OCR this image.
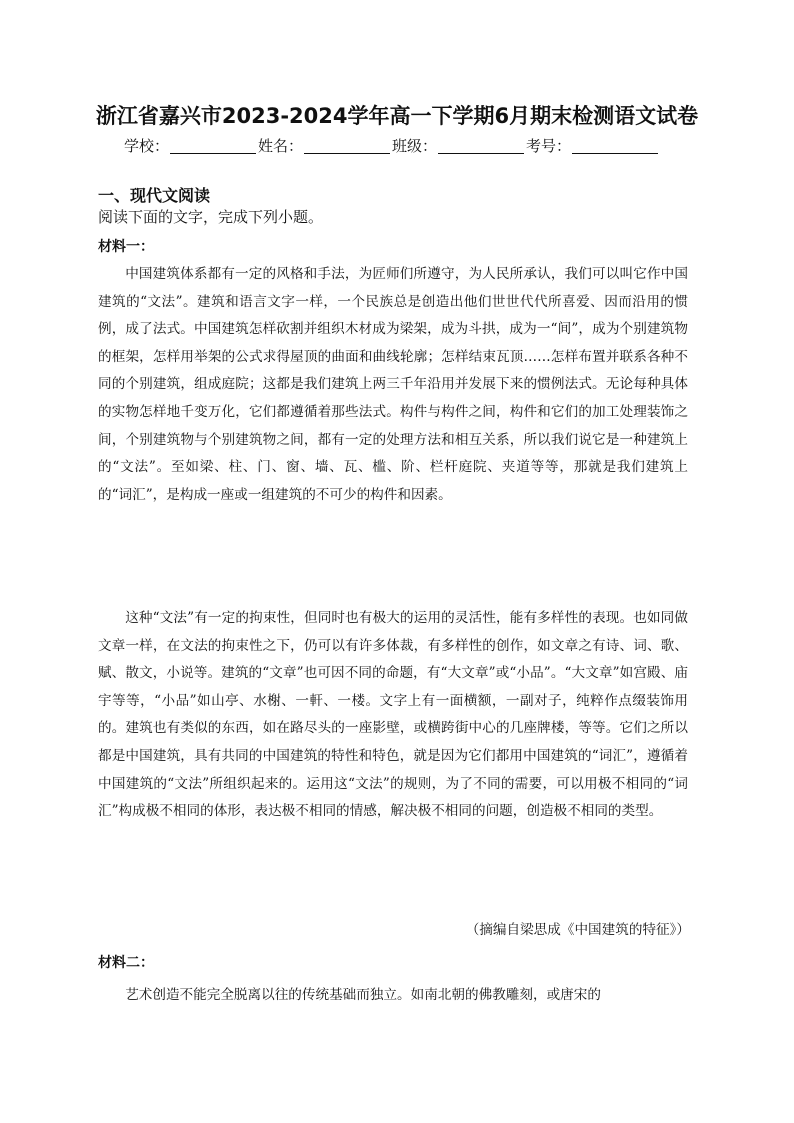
浙江省嘉兴市2023-2024学年高一下学期6月期末检测语文试卷
学校：	姓名：	班级：	考号：
一、现代文阅读
阅读下面的文字，完成下列小题。
材料一：

中国建筑体系都有一定的风格和手法，为匠师们所遵守，为人民所承认，我们可以叫它作中国建筑的“文法”。建筑和语言文字一样，一个民族总是创造出他们世世代代所喜爱、因而沿用的惯例，成了法式。中国建筑怎样砍割并组织木材成为梁架，成为斗拱，成为一“间”，成为个别建筑物的框架，怎样用举架的公式求得屋顶的曲面和曲线轮廓；怎样结束瓦顶……怎样布置并联系各种不同的个别建筑，组成庭院；这都是我们建筑上两三千年沿用并发展下来的惯例法式。无论每种具体的实物怎样地千变万化，它们都遵循着那些法式。构件与构件之间，构件和它们的加工处理装饰之间，个别建筑物与个别建筑物之间，都有一定的处理方法和相互关系，所以我们说它是一种建筑上的“文法”。至如梁、柱、门、窗、墙、瓦、槛、阶、栏杆庭院、夹道等等，那就是我们建筑上的“词汇”，是构成一座或一组建筑的不可少的构件和因素。

这种“文法”有一定的拘束性，但同时也有极大的运用的灵活性，能有多样性的表现。也如同做文章一样，在文法的拘束性之下，仍可以有许多体裁，有多样性的创作，如文章之有诗、词、歌、赋、散文，小说等。建筑的“文章”也可因不同的命题，有“大文章”或“小品”。“大文章”如宫殿、庙宇等等，“小品”如山亭、水榭、一軒、一楼。文字上有一面横额，一副对子，纯粹作点缀装饰用的。建筑也有类似的东西，如在路尽头的一座影壁，或横跨街中心的几座牌楼，等等。它们之所以都是中国建筑，具有共同的中国建筑的特性和特色，就是因为它们都用中国建筑的“词汇”，遵循着中国建筑的“文法”所组织起来的。运用这“文法”的规则，为了不同的需要，可以用极不相同的“词汇”构成极不相同的体形，表达极不相同的情感，解决极不相同的问题，创造极不相同的类型。

（摘编自梁思成《中国建筑的特征》）
材料二：

艺术创造不能完全脱离以往的传统基础而独立。如南北朝的佛教雕刻，或唐宋的
